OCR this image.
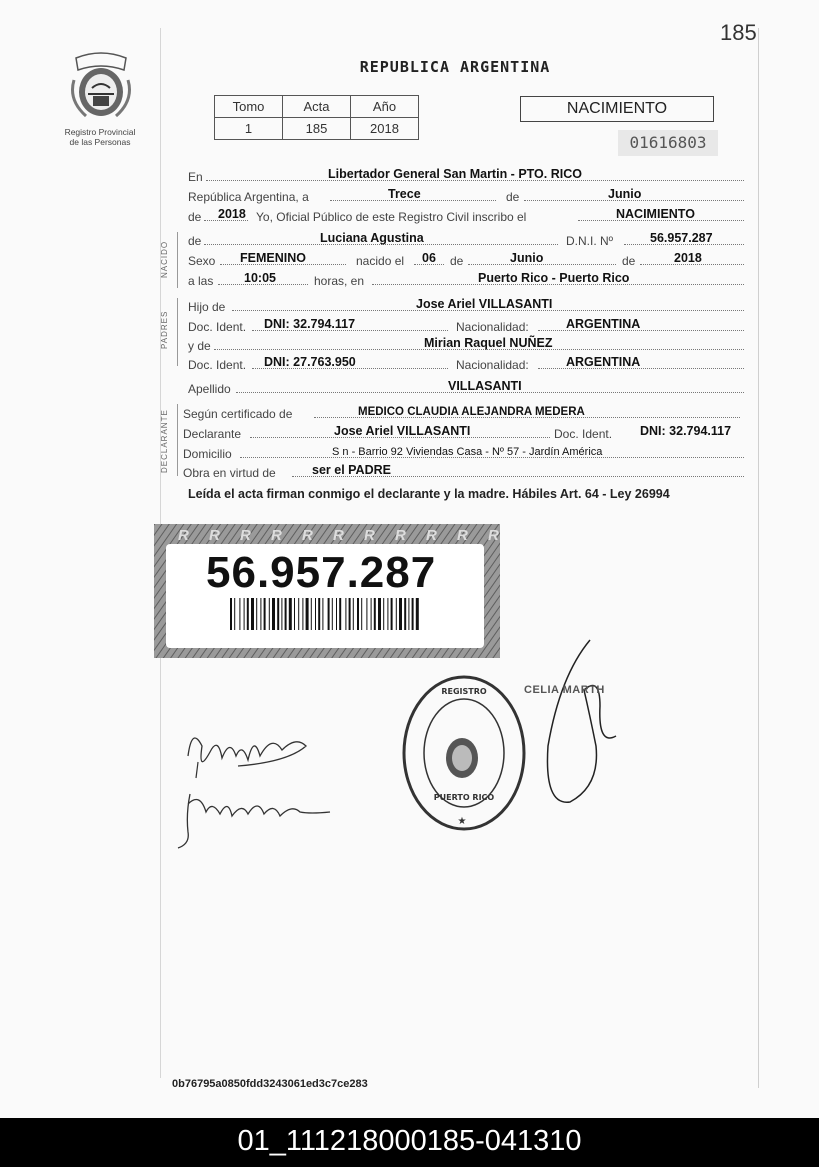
185
Registro Provincial
de las Personas
REPUBLICA ARGENTINA
Tomo	Acta	Año
1	185	2018
NACIMIENTO
01616803
En	Libertador General San Martin - PTO. RICO
República Argentina, a	Trece	de	Junio
de 2018 Yo, Oficial Público de este Registro Civil inscribo el	NACIMIENTO
NACIDO de	Luciana Agustina	D.N.I. Nº	56.957.287
Sexo FEMENINO	nacido el 06 de	Junio	de	2018
a las 10:05	horas, en	Puerto Rico - Puerto Rico
PADRES
Hijo de	Jose Ariel VILLASANTI
Doc. Ident. DNI: 32.794.117	Nacionalidad:	ARGENTINA
y de	Mirian Raquel NUÑEZ
Doc. Ident. DNI: 27.763.950	Nacionalidad:	ARGENTINA
Apellido	VILLASANTI
DECLARANTE Según certificado de	MEDICO CLAUDIA ALEJANDRA MEDERA
Declarante	Jose Ariel VILLASANTI	Doc. Ident. DNI: 32.794.117
Domicilio	S n - Barrio 92 Viviendas Casa - Nº 57 - Jardín América
Obra en virtud de	ser el PADRE
Leída el acta firman conmigo el declarante y la madre. Hábiles Art. 64 - Ley 26994
R R R R R R R R R R R
56.957.287
CELIA MARTH
REGISTRO
PUERTO RICO
★
0b76795a0850fdd3243061ed3c7ce283
01_111218000185-041310
